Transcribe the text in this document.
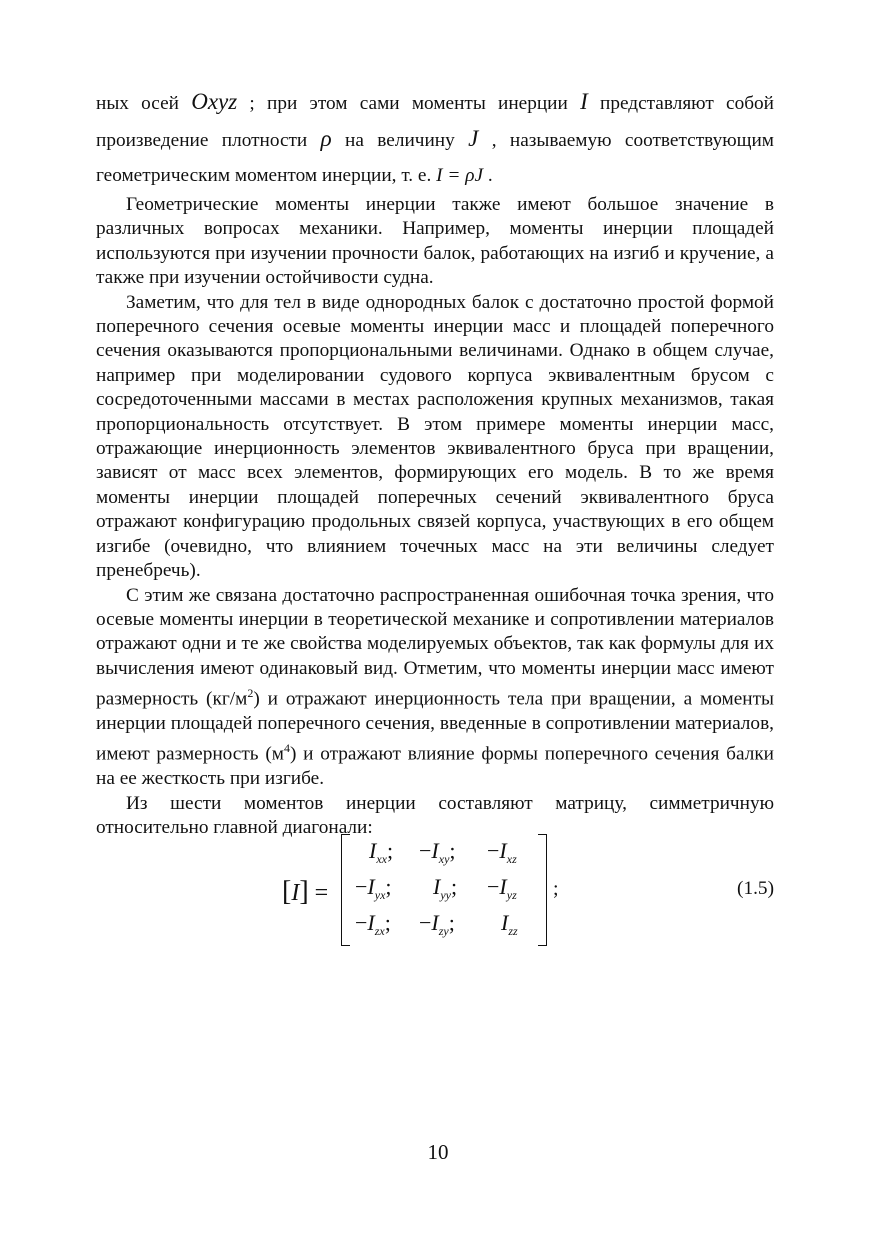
ных осей Oxyz ; при этом сами моменты инерции I представляют собой произведение плотности ρ на величину J , называемую соответствующим геометрическим моментом инерции, т. е. I = ρJ .

Геометрические моменты инерции также имеют большое значение в различных вопросах механики. Например, моменты инерции площадей используются при изучении прочности балок, работающих на изгиб и кручение, а также при изучении остойчивости судна.

Заметим, что для тел в виде однородных балок с достаточно простой формой поперечного сечения осевые моменты инерции масс и площадей поперечного сечения оказываются пропорциональными величинами. Однако в общем случае, например при моделировании судового корпуса эквивалентным брусом с сосредоточенными массами в местах расположения крупных механизмов, такая пропорциональность отсутствует. В этом примере моменты инерции масс, отражающие инерционность элементов эквивалентного бруса при вращении, зависят от масс всех элементов, формирующих его модель. В то же время моменты инерции площадей поперечных сечений эквивалентного бруса отражают конфигурацию продольных связей корпуса, участвующих в его общем изгибе (очевидно, что влиянием точечных масс на эти величины следует пренебречь).

С этим же связана достаточно распространенная ошибочная точка зрения, что осевые моменты инерции в теоретической механике и сопротивлении материалов отражают одни и те же свойства моделируемых объектов, так как формулы для их вычисления имеют одинаковый вид. Отметим, что моменты инерции масс имеют размерность $(кг/м^2)$ и отражают инерционность тела при вращении, а моменты инерции площадей поперечного сечения, введенные в сопротивлении материалов, имеют размерность $(м^4)$ и отражают влияние формы поперечного сечения балки на ее жесткость при изгибе.

Из шести моментов инерции составляют матрицу, симметричную относительно главной диагонали:

[I] =
$I_{xx}$; $-I_{xy}$; $-I_{xz}$
$-I_{yx}$; $I_{yy}$; $-I_{yz}$
$-I_{zx}$; $-I_{zy}$; $I_{zz}$
;	(1.5)
10
